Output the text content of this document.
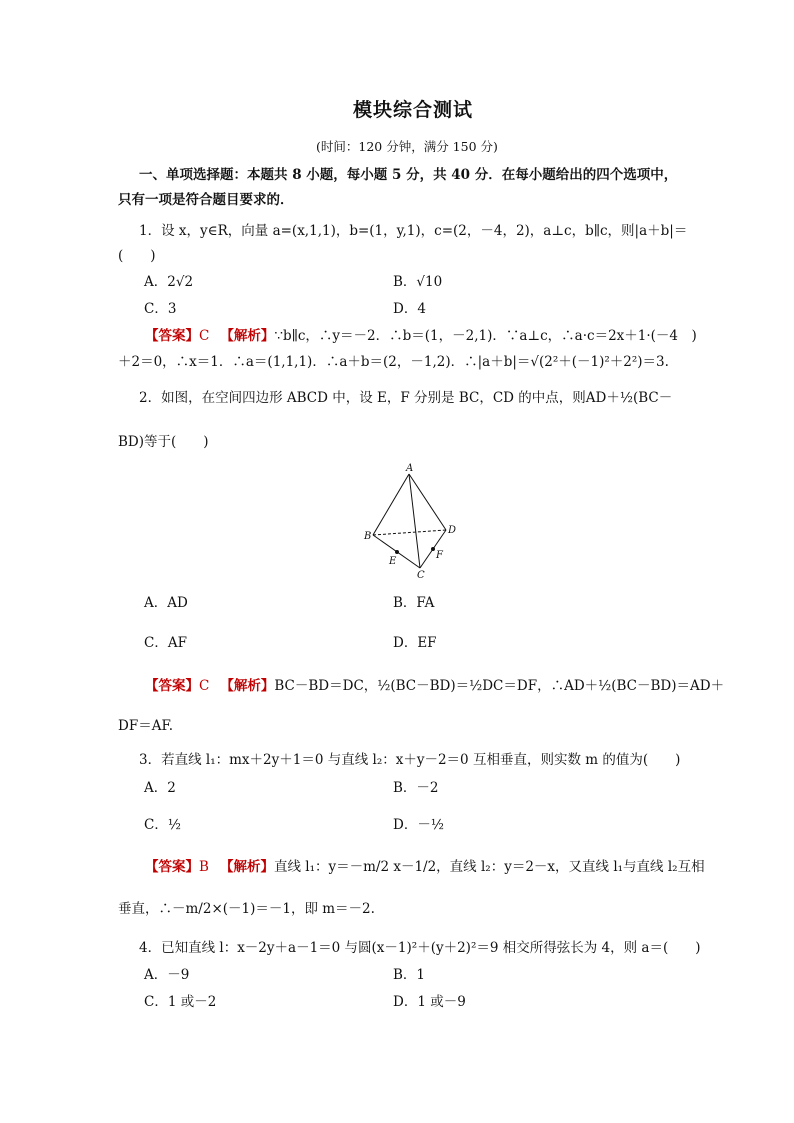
模块综合测试
(时间：120 分钟，满分 150 分)
一、单项选择题：本题共 8 小题，每小题 5 分，共 40 分．在每小题给出的四个选项中，
只有一项是符合题目要求的．
1．设 x，y∈R，向量 a=(x,1,1)，b=(1，y,1)，c=(2，－4，2)，a⊥c，b∥c，则|a＋b|＝
(　　)
A．2√2	B．√10
C．3	D．4
【答案】C 　 【解析】∵b∥c，∴y＝－2．∴b＝(1，－2,1)．∵a⊥c，∴a·c＝2x＋1·(－4　)
＋2＝0，∴x＝1．∴a＝(1,1,1)．∴a＋b＝(2，－1,2)．∴|a＋b|＝√(2²＋(－1)²＋2²)＝3.
2．如图，在空间四边形 ABCD 中，设 E，F 分别是 BC，CD 的中点，则AD＋½(BC－
BD)等于(　　)
A
B
C
D
E
F
A．AD	B．FA
C．AF	D．EF
【答案】C 　 【解析】BC－BD＝DC，½(BC－BD)＝½DC＝DF，∴AD＋½(BC－BD)＝AD＋
DF＝AF.
3．若直线 l₁：mx＋2y＋1＝0 与直线 l₂：x＋y－2＝0 互相垂直，则实数 m 的值为(　　)
A．2	B．－2
C．½	D．－½
【答案】B 　 【解析】直线 l₁：y＝－m/2 x－1/2，直线 l₂：y＝2－x，又直线 l₁与直线 l₂互相
垂直，∴－m/2×(－1)＝－1，即 m＝－2.
4．已知直线 l：x－2y＋a－1＝0 与圆(x－1)²＋(y＋2)²＝9 相交所得弦长为 4，则 a＝(　　)
A．－9	B．1
C．1 或－2	D．1 或－9
